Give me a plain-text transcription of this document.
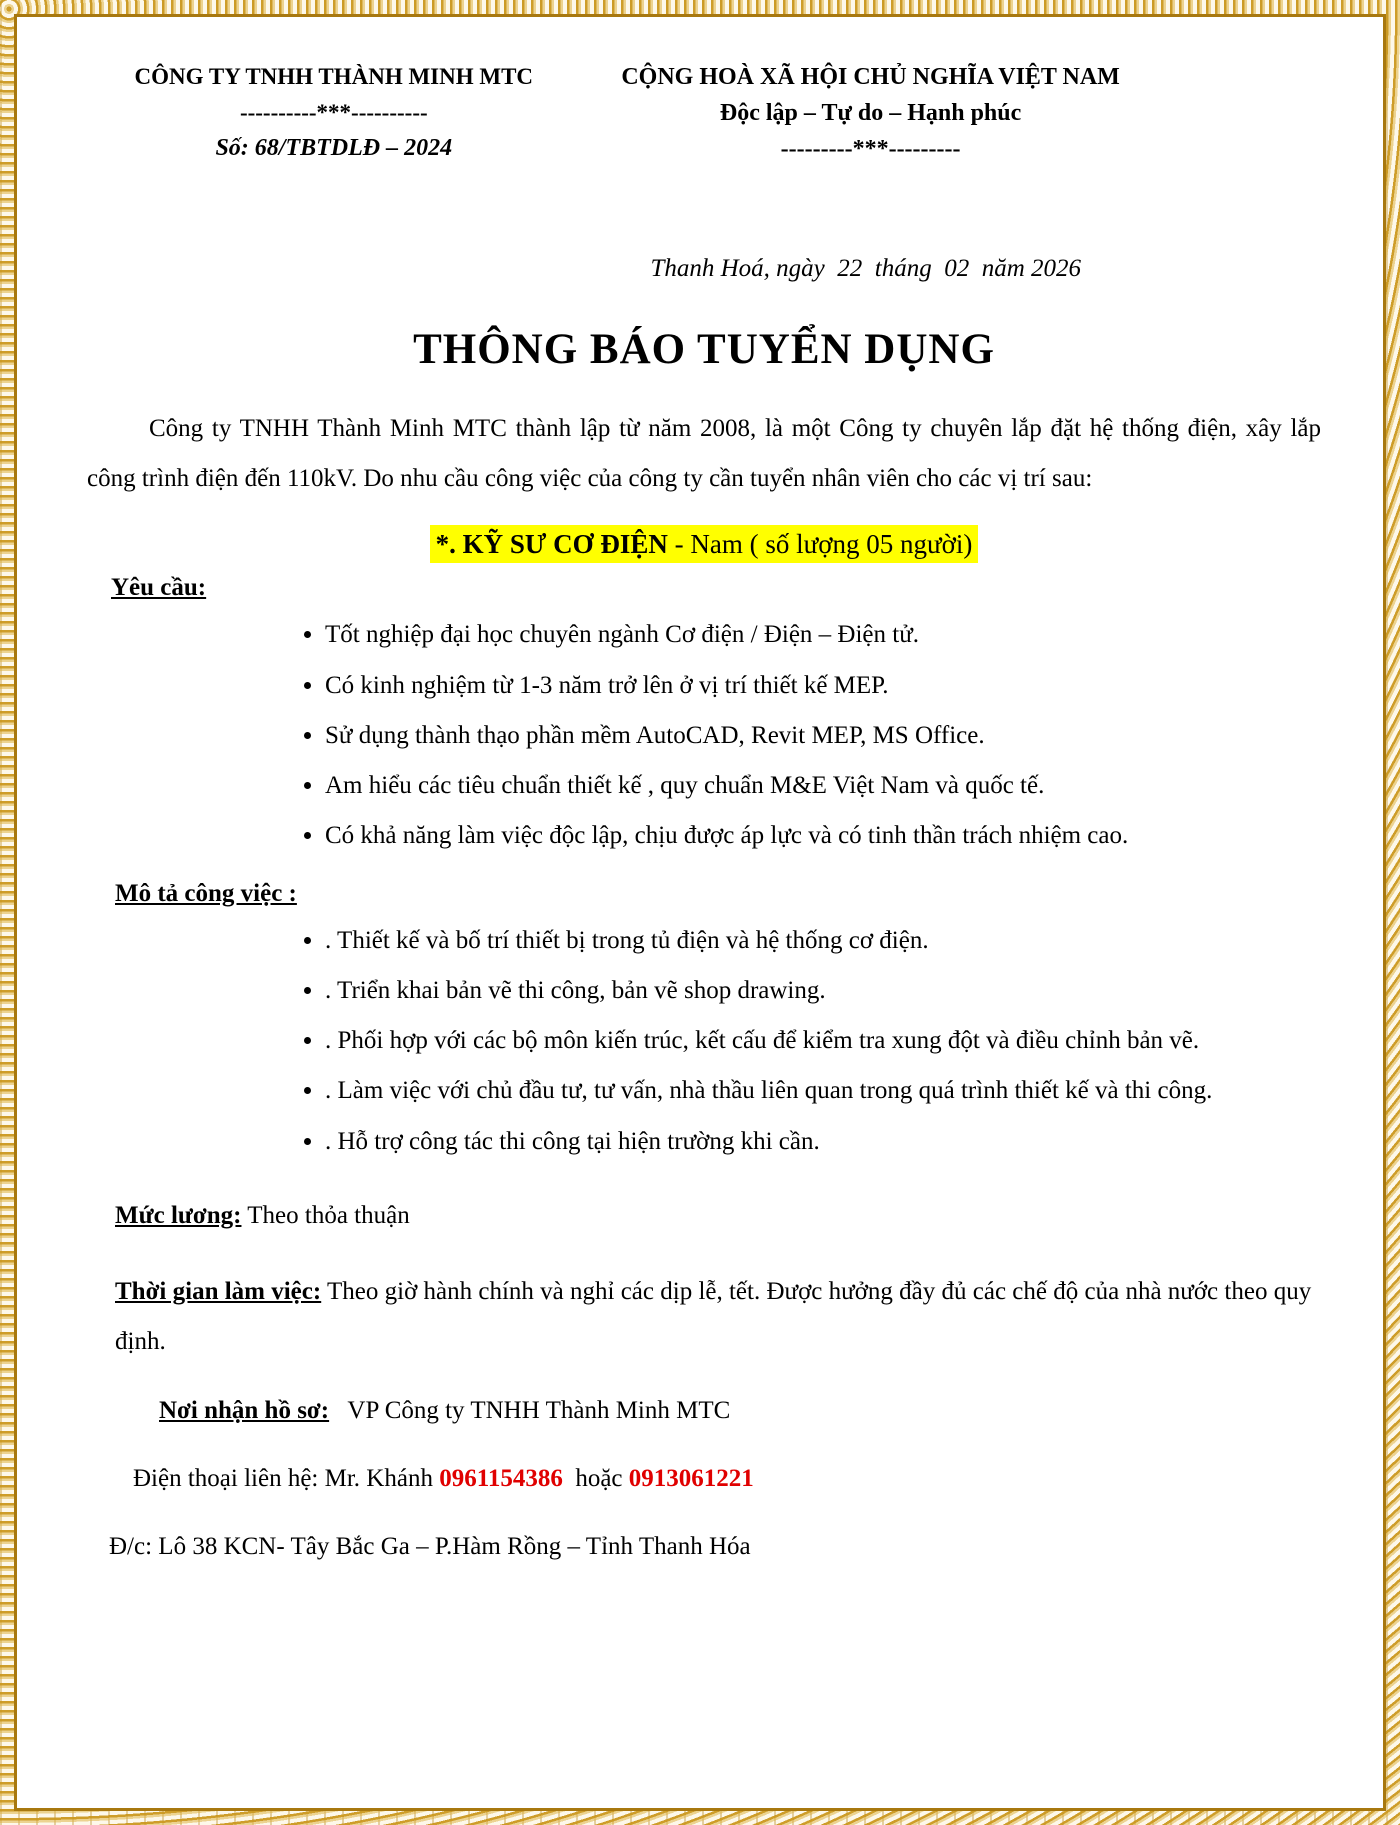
CÔNG TY TNHH THÀNH MINH MTC
----------***----------
Số: 68/TBTDLĐ – 2024
CỘNG HOÀ XÃ HỘI CHỦ NGHĨA VIỆT NAM
Độc lập – Tự do – Hạnh phúc
---------***---------
Thanh Hoá, ngày  22  tháng  02  năm 2026
THÔNG BÁO TUYỂN DỤNG

Công ty TNHH Thành Minh MTC thành lập từ năm 2008, là một Công ty chuyên lắp đặt hệ thống điện, xây lắp công trình điện đến 110kV. Do nhu cầu công việc của công ty cần tuyển nhân viên cho các vị trí sau:

*. KỸ SƯ CƠ ĐIỆN - Nam ( số lượng 05 người)
Yêu cầu:
• Tốt nghiệp đại học chuyên ngành Cơ điện / Điện – Điện tử.
• Có kinh nghiệm từ 1-3 năm trở lên ở vị trí thiết kế MEP.
• Sử dụng thành thạo phần mềm AutoCAD, Revit MEP, MS Office.
• Am hiểu các tiêu chuẩn thiết kế , quy chuẩn M&E Việt Nam và quốc tế.
• Có khả năng làm việc độc lập, chịu được áp lực và có tinh thần trách nhiệm cao.
Mô tả công việc :
• . Thiết kế và bố trí thiết bị trong tủ điện và hệ thống cơ điện.
• . Triển khai bản vẽ thi công, bản vẽ shop drawing.
• . Phối hợp với các bộ môn kiến trúc, kết cấu để kiểm tra xung đột và điều chỉnh bản vẽ.
• . Làm việc với chủ đầu tư, tư vấn, nhà thầu liên quan trong quá trình thiết kế và thi công.
• . Hỗ trợ công tác thi công tại hiện trường khi cần.
Mức lương: Theo thỏa thuận
Thời gian làm việc: Theo giờ hành chính và nghỉ các dịp lễ, tết. Được hưởng đầy đủ các chế độ của nhà nước theo quy định.
Nơi nhận hồ sơ:   VP Công ty TNHH Thành Minh MTC
Điện thoại liên hệ: Mr. Khánh 0961154386  hoặc 0913061221
Đ/c: Lô 38 KCN- Tây Bắc Ga – P.Hàm Rồng – Tỉnh Thanh Hóa
